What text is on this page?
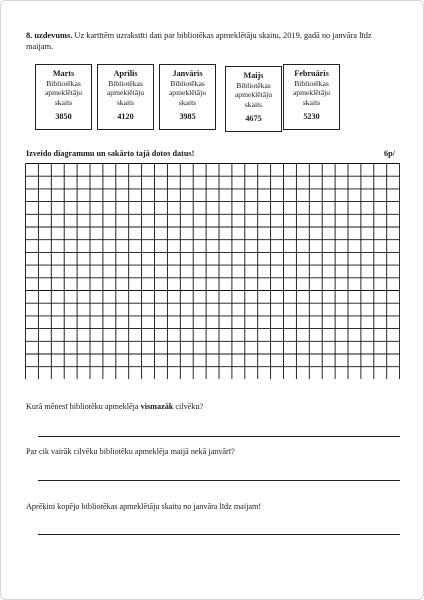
8. uzdevums. Uz kartītēm uzrakstīti dati par bibliotēkas apmeklētāju skaitu, 2019. gadā no janvāra līdz maijam.
Marts
Bibliotēkas
apmeklētāju
skaits
3850
Aprīlis
Bibliotēkas
apmeklētāju
skaits
4120
Janvāris
Bibliotēkas
apmeklētāju
skaits
3985
Maijs
Bibliotēkas
apmeklētāju
skaits
4675
Februāris
Bibliotēkas
apmeklētāju
skaits
5230
Izveido diagrammu un sakārto tajā dotos datus!	6p/
Kurā mēnesī bibliotēku apmeklēja vismazāk cilvēku?
Par cik vairāk cilvēku bibliotēku apmeklēja maijā nekā janvārī?
Aprēķini kopējo bibliotēkas apmeklētāju skaitu no janvāra līdz maijam!
